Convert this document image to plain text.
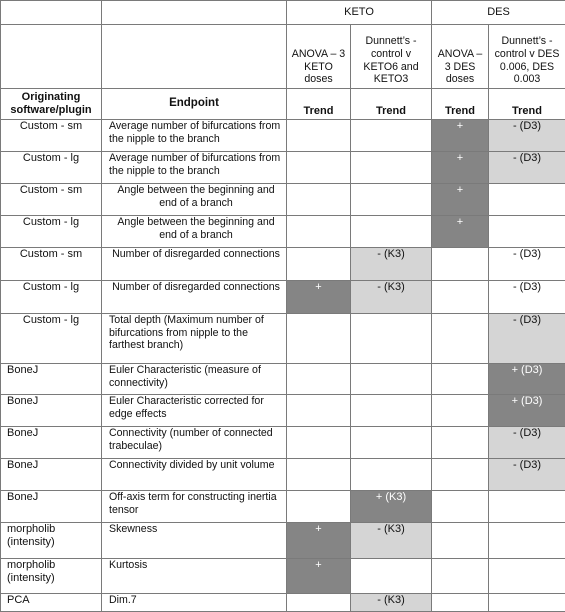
		KETO		DES	
		ANOVA – 3 KETO doses	Dunnett’s - control v KETO6 and KETO3	ANOVA – 3 DES doses	Dunnett’s - control v DES 0.006, DES 0.003
Originating software/plugin	Endpoint	Trend	Trend	Trend	Trend
Custom - sm	Average number of bifurcations from the nipple to the branch			+	- (D3)
Custom - lg	Average number of bifurcations from the nipple to the branch			+	- (D3)
Custom - sm	Angle between the beginning and end of a branch			+	
Custom - lg	Angle between the beginning and end of a branch			+	
Custom - sm	Number of disregarded connections		- (K3)		- (D3)
Custom - lg	Number of disregarded connections	+	- (K3)		- (D3)
Custom - lg	Total depth (Maximum number of bifurcations from nipple to the farthest branch)				- (D3)
BoneJ	Euler Characteristic (measure of connectivity)				+ (D3)
BoneJ	Euler Characteristic corrected for edge effects				+ (D3)
BoneJ	Connectivity (number of connected trabeculae)				- (D3)
BoneJ	Connectivity divided by unit volume				- (D3)
BoneJ	Off-axis term for constructing inertia tensor		+ (K3)		
morpholib (intensity)	Skewness	+	- (K3)		
morpholib (intensity)	Kurtosis	+			
PCA	Dim.7		- (K3)		
